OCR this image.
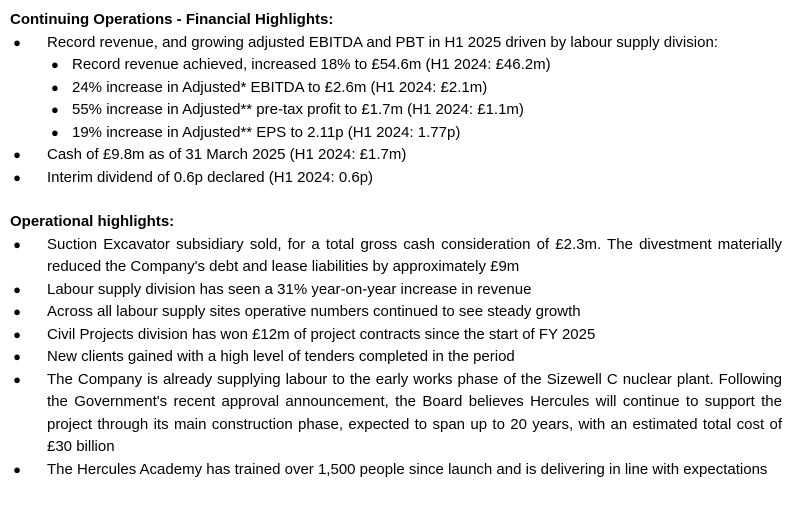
Continuing Operations - Financial Highlights:

● Record revenue, and growing adjusted EBITDA and PBT in H1 2025 driven by labour supply division:
● Record revenue achieved, increased 18% to £54.6m (H1 2024: £46.2m)
● 24% increase in Adjusted* EBITDA to £2.6m (H1 2024: £2.1m)
● 55% increase in Adjusted** pre-tax profit to £1.7m (H1 2024: £1.1m)
● 19% increase in Adjusted** EPS to 2.11p (H1 2024: 1.77p)
● Cash of £9.8m as of 31 March 2025 (H1 2024: £1.7m)
● Interim dividend of 0.6p declared (H1 2024: 0.6p)

Operational highlights:

● Suction Excavator subsidiary sold, for a total gross cash consideration of £2.3m. The divestment materially reduced the Company's debt and lease liabilities by approximately £9m
● Labour supply division has seen a 31% year-on-year increase in revenue
● Across all labour supply sites operative numbers continued to see steady growth
● Civil Projects division has won £12m of project contracts since the start of FY 2025
● New clients gained with a high level of tenders completed in the period
● The Company is already supplying labour to the early works phase of the Sizewell C nuclear plant. Following the Government's recent approval announcement, the Board believes Hercules will continue to support the project through its main construction phase, expected to span up to 20 years, with an estimated total cost of £30 billion
● The Hercules Academy has trained over 1,500 people since launch and is delivering in line with expectations
